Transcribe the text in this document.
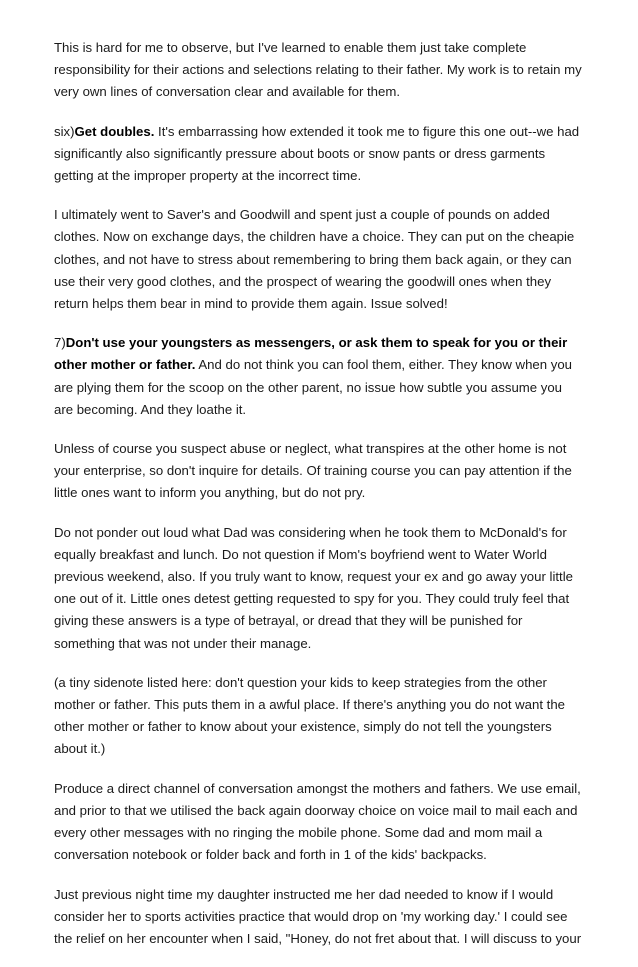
This is hard for me to observe, but I've learned to enable them just take complete responsibility for their actions and selections relating to their father. My work is to retain my very own lines of conversation clear and available for them.

six)Get doubles. It's embarrassing how extended it took me to figure this one out--we had significantly also significantly pressure about boots or snow pants or dress garments getting at the improper property at the incorrect time.

I ultimately went to Saver's and Goodwill and spent just a couple of pounds on added clothes. Now on exchange days, the children have a choice. They can put on the cheapie clothes, and not have to stress about remembering to bring them back again, or they can use their very good clothes, and the prospect of wearing the goodwill ones when they return helps them bear in mind to provide them again. Issue solved!

7)Don't use your youngsters as messengers, or ask them to speak for you or their other mother or father. And do not think you can fool them, either. They know when you are plying them for the scoop on the other parent, no issue how subtle you assume you are becoming. And they loathe it.

Unless of course you suspect abuse or neglect, what transpires at the other home is not your enterprise, so don't inquire for details. Of training course you can pay attention if the little ones want to inform you anything, but do not pry.

Do not ponder out loud what Dad was considering when he took them to McDonald's for equally breakfast and lunch. Do not question if Mom's boyfriend went to Water World previous weekend, also. If you truly want to know, request your ex and go away your little one out of it. Little ones detest getting requested to spy for you. They could truly feel that giving these answers is a type of betrayal, or dread that they will be punished for something that was not under their manage.

(a tiny sidenote listed here: don't question your kids to keep strategies from the other mother or father. This puts them in a awful place. If there's anything you do not want the other mother or father to know about your existence, simply do not tell the youngsters about it.)

Produce a direct channel of conversation amongst the mothers and fathers. We use email, and prior to that we utilised the back again doorway choice on voice mail to mail each and every other messages with no ringing the mobile phone. Some dad and mom mail a conversation notebook or folder back and forth in 1 of the kids' backpacks.

Just previous night time my daughter instructed me her dad needed to know if I would consider her to sports activities practice that would drop on 'my working day.' I could see the relief on her encounter when I said, "Honey, do not fret about that. I will discuss to your
